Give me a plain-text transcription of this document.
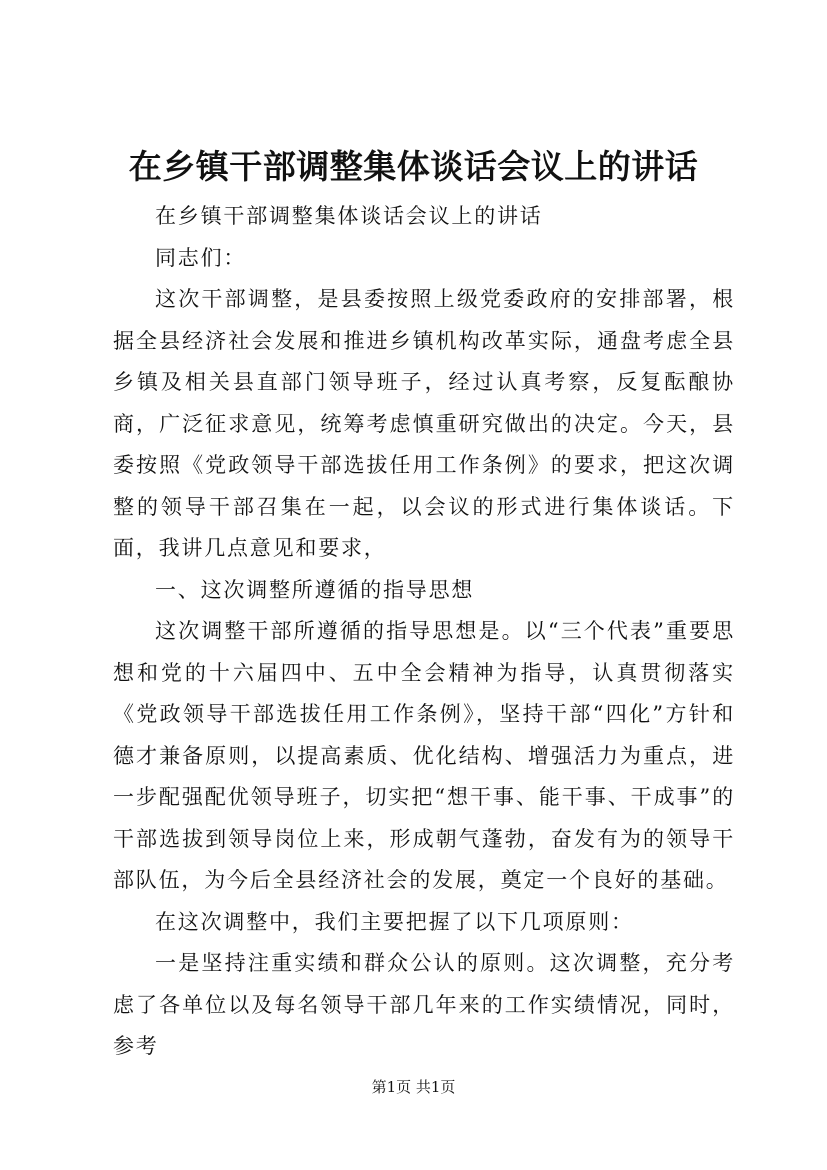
在乡镇干部调整集体谈话会议上的讲话

在乡镇干部调整集体谈话会议上的讲话

同志们：

这次干部调整，是县委按照上级党委政府的安排部署，根据全县经济社会发展和推进乡镇机构改革实际，通盘考虑全县乡镇及相关县直部门领导班子，经过认真考察，反复酝酿协商，广泛征求意见，统筹考虑慎重研究做出的决定。今天，县委按照《党政领导干部选拔任用工作条例》的要求，把这次调整的领导干部召集在一起，以会议的形式进行集体谈话。下面，我讲几点意见和要求，

一、这次调整所遵循的指导思想

这次调整干部所遵循的指导思想是。以“三个代表”重要思想和党的十六届四中、五中全会精神为指导，认真贯彻落实《党政领导干部选拔任用工作条例》，坚持干部“四化”方针和德才兼备原则，以提高素质、优化结构、增强活力为重点，进一步配强配优领导班子，切实把“想干事、能干事、干成事”的干部选拔到领导岗位上来，形成朝气蓬勃，奋发有为的领导干部队伍，为今后全县经济社会的发展，奠定一个良好的基础。

在这次调整中，我们主要把握了以下几项原则：

一是坚持注重实绩和群众公认的原则。这次调整，充分考虑了各单位以及每名领导干部几年来的工作实绩情况，同时，参考

第1页 共1页
